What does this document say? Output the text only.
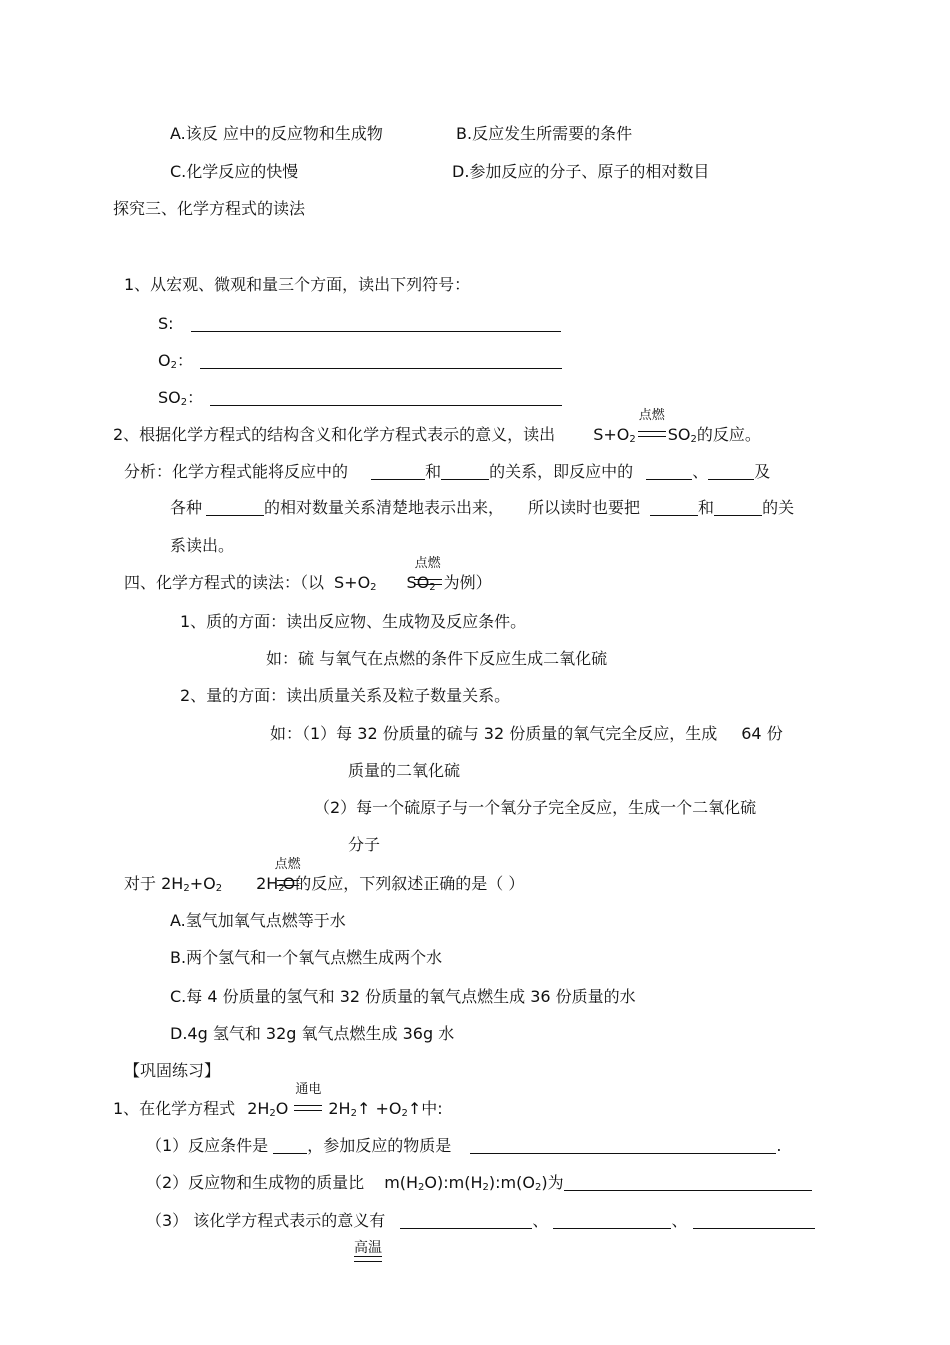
A.该反 应中的反应物和生成物	B.反应发生所需要的条件
C.化学反应的快慢	D.参加反应的分子、原子的相对数目
探究三、化学方程式的读法
1、从宏观、微观和量三个方面，读出下列符号：
S:
$O_2$：
$SO_2$：
2、根据化学方程式的结构含义和化学方程式表示的意义，读出 $S+O_2$
点燃
$SO_2$的反应。
分析：化学方程式能将反应中的	和	的关系，即反应中的	、	及
各种	的相对数量关系清楚地表示出来， 所以读时也要把	和	的关
系读出。
四、化学方程式的读法：（以 $S+O_2$ $SO_2$
点燃
为例）
1、质的方面：读出反应物、生成物及反应条件。
如：硫 与氧气在点燃的条件下反应生成二氧化硫
2、量的方面：读出质量关系及粒子数量关系。
如：（1）每 32 份质量的硫与 32 份质量的氧气完全反应，生成 64 份
质量的二氧化硫
（2）每一个硫原子与一个氧分子完全反应，生成一个二氧化硫
分子
对于 $2H_2+O_2$ $2H_2$
点燃
O的反应，下列叙述正确的是（ ）
A.氢气加氧气点燃等于水
B.两个氢气和一个氧气点燃生成两个水
C.每 4 份质量的氢气和 32 份质量的氧气点燃生成 36 份质量的水
D.4g 氢气和 32g 氧气点燃生成 36g 水
【巩固练习】
1、在化学方程式 $2H_2O$
通电
$2H_2↑$ $+O_2↑$中:
（1）反应条件是 ，参加反应的物质是	.
（2）反应物和生成物的质量比 $m(H_2O):m(H_2):m(O_2)$为
（3） 该化学方程式表示的意义有	、	、
高温
